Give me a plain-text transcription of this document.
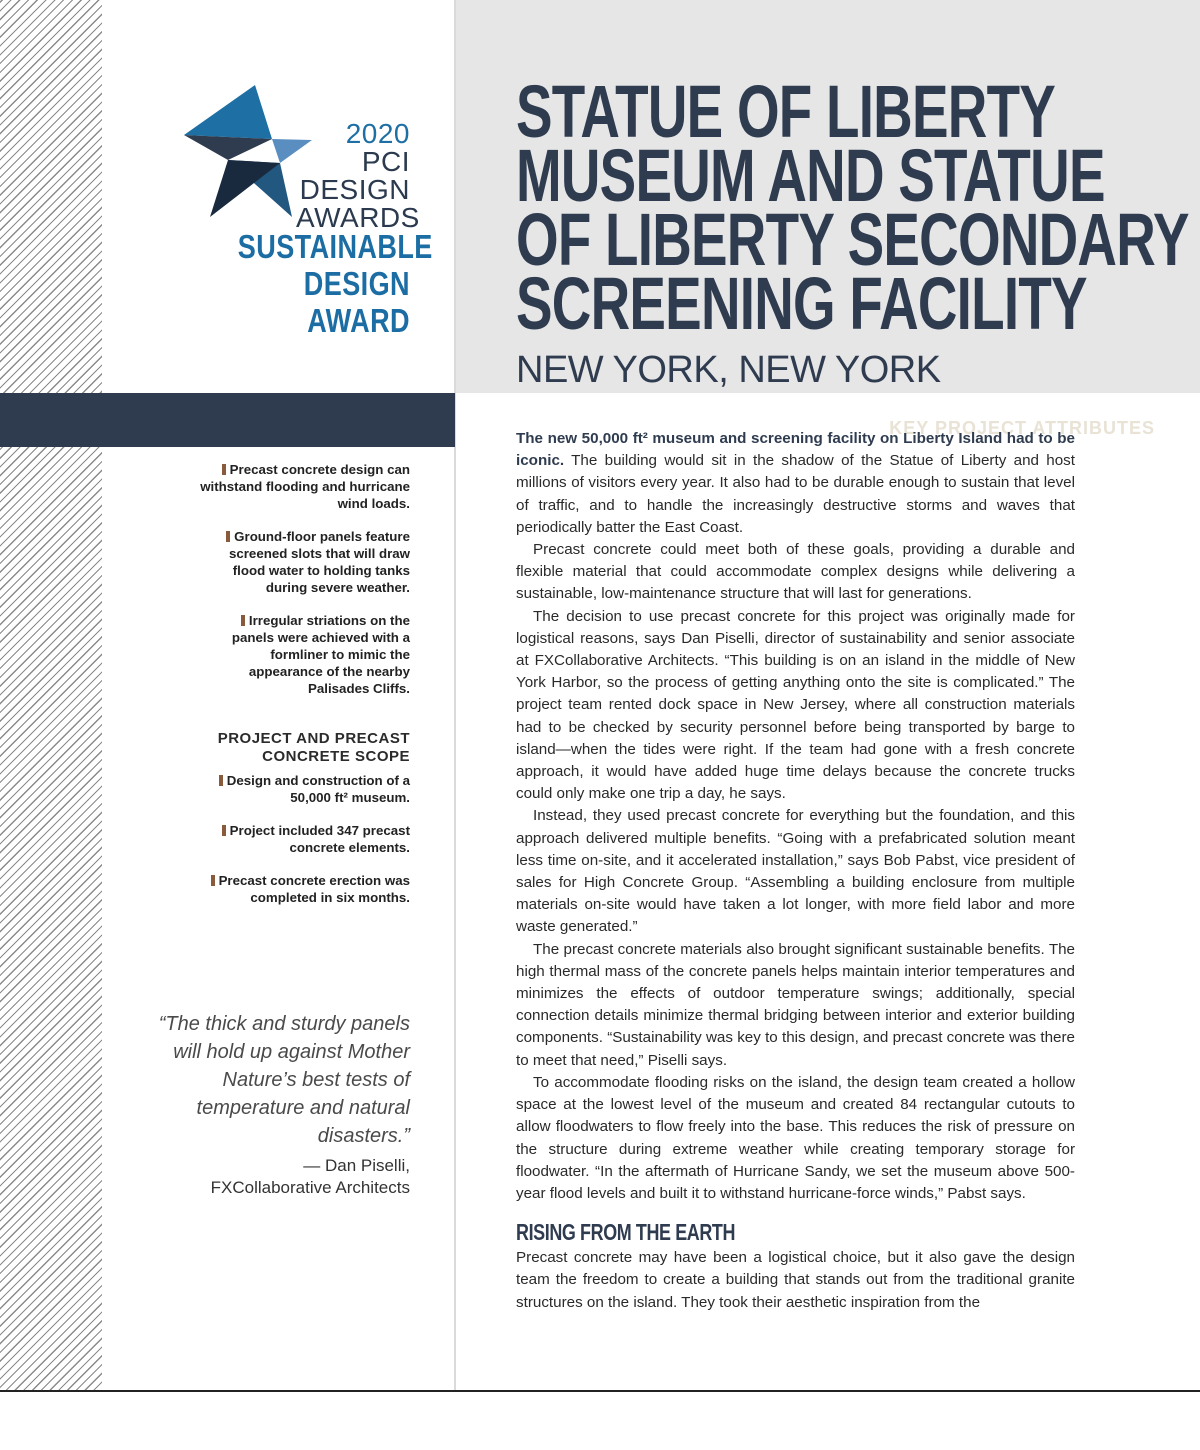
2020 PCI
DESIGN
AWARDS
SUSTAINABLE
DESIGN AWARD
STATUE OF LIBERTY
MUSEUM AND STATUE
OF LIBERTY SECONDARY
SCREENING FACILITY
NEW YORK, NEW YORK
KEY PROJECT ATTRIBUTES
Precast concrete design can withstand flooding and hurricane wind loads.
Ground-floor panels feature screened slots that will draw flood water to holding tanks during severe weather.
Irregular striations on the panels were achieved with a formliner to mimic the appearance of the nearby Palisades Cliffs.
PROJECT AND PRECAST
CONCRETE SCOPE
Design and construction of a 50,000 ft² museum.
Project included 347 precast concrete elements.
Precast concrete erection was completed in six months.
“The thick and sturdy panels will hold up against Mother Nature’s best tests of temperature and natural disasters.”
— Dan Piselli,
FXCollaborative Architects

The new 50,000 ft² museum and screening facility on Liberty Island had to be iconic. The building would sit in the shadow of the Statue of Liberty and host millions of visitors every year. It also had to be durable enough to sustain that level of traffic, and to handle the increasingly destructive storms and waves that periodically batter the East Coast.

Precast concrete could meet both of these goals, providing a durable and flexible material that could accommodate complex designs while delivering a sustainable, low-maintenance structure that will last for generations.

The decision to use precast concrete for this project was originally made for logistical reasons, says Dan Piselli, director of sustainability and senior associate at FXCollaborative Architects. “This building is on an island in the middle of New York Harbor, so the process of getting anything onto the site is complicated.” The project team rented dock space in New Jersey, where all construction materials had to be checked by security personnel before being transported by barge to island—when the tides were right. If the team had gone with a fresh concrete approach, it would have added huge time delays because the concrete trucks could only make one trip a day, he says.

Instead, they used precast concrete for everything but the foundation, and this approach delivered multiple benefits. “Going with a prefabricated solution meant less time on-site, and it accelerated installation,” says Bob Pabst, vice president of sales for High Concrete Group. “Assembling a building enclosure from multiple materials on-site would have taken a lot longer, with more field labor and more waste generated.”

The precast concrete materials also brought significant sustainable benefits. The high thermal mass of the concrete panels helps maintain interior temperatures and minimizes the effects of outdoor temperature swings; additionally, special connection details minimize thermal bridging between interior and exterior building components. “Sustainability was key to this design, and precast concrete was there to meet that need,” Piselli says.

To accommodate flooding risks on the island, the design team created a hollow space at the lowest level of the museum and created 84 rectangular cutouts to allow floodwaters to flow freely into the base. This reduces the risk of pressure on the structure during extreme weather while creating temporary storage for floodwater. “In the aftermath of Hurricane Sandy, we set the museum above 500-year flood levels and built it to withstand hurricane-force winds,” Pabst says.

RISING FROM THE EARTH

Precast concrete may have been a logistical choice, but it also gave the design team the freedom to create a building that stands out from the traditional granite structures on the island. They took their aesthetic inspiration from the
